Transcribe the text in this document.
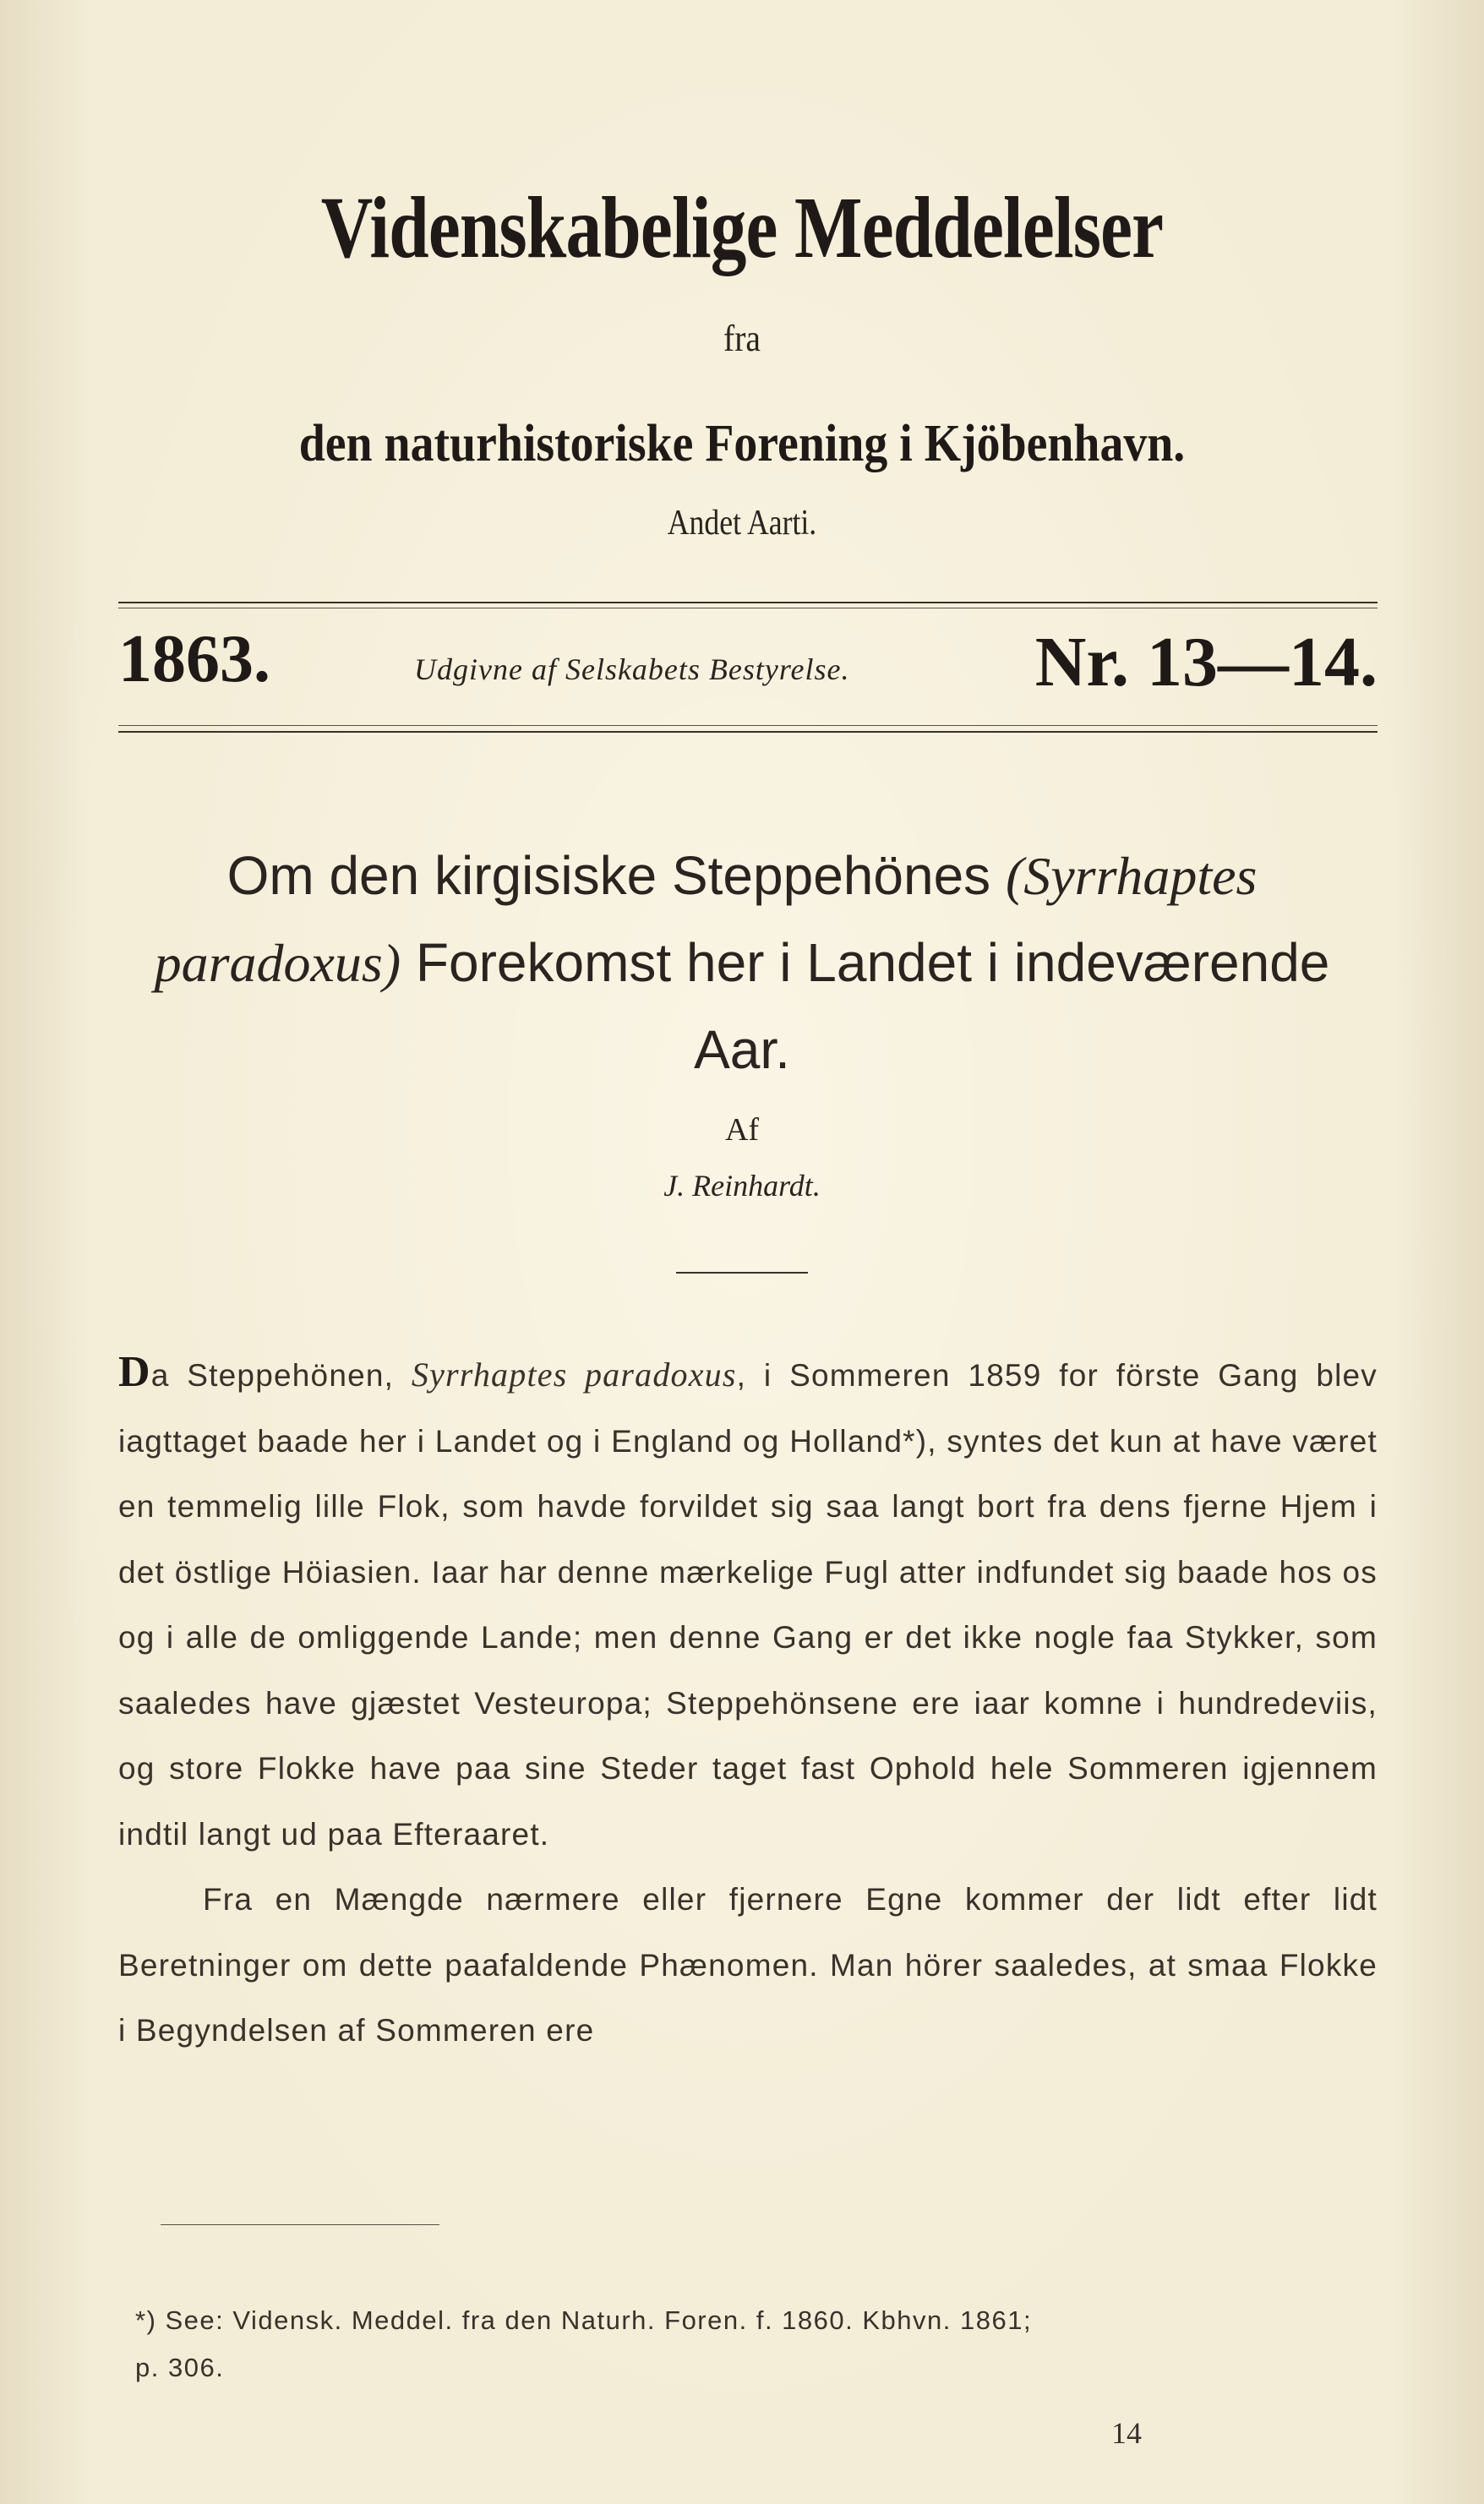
Videnskabelige Meddelelser
fra
den naturhistoriske Forening i Kjöbenhavn.
Andet Aarti.
1863.	Udgivne af Selskabets Bestyrelse.	Nr. 13—14.
Om den kirgisiske Steppehönes (Syrrhaptes paradoxus) Forekomst her i Landet i indeværende Aar.
Af
J. Reinhardt.

Da Steppehönen, Syrrhaptes paradoxus, i Sommeren 1859 for förste Gang blev iagttaget baade her i Landet og i England og Holland*), syntes det kun at have været en temmelig lille Flok, som havde forvildet sig saa langt bort fra dens fjerne Hjem i det östlige Höiasien. Iaar har denne mærkelige Fugl atter indfundet sig baade hos os og i alle de omliggende Lande; men denne Gang er det ikke nogle faa Stykker, som saaledes have gjæstet Vesteuropa; Steppehönsene ere iaar komne i hundredeviis, og store Flokke have paa sine Steder taget fast Ophold hele Sommeren igjennem indtil langt ud paa Efteraaret.

Fra en Mængde nærmere eller fjernere Egne kommer der lidt efter lidt Beretninger om dette paafaldende Phænomen. Man hörer saaledes, at smaa Flokke i Begyndelsen af Sommeren ere

*) See: Vidensk. Meddel. fra den Naturh. Foren. f. 1860. Kbhvn. 1861;
p. 306.
14
